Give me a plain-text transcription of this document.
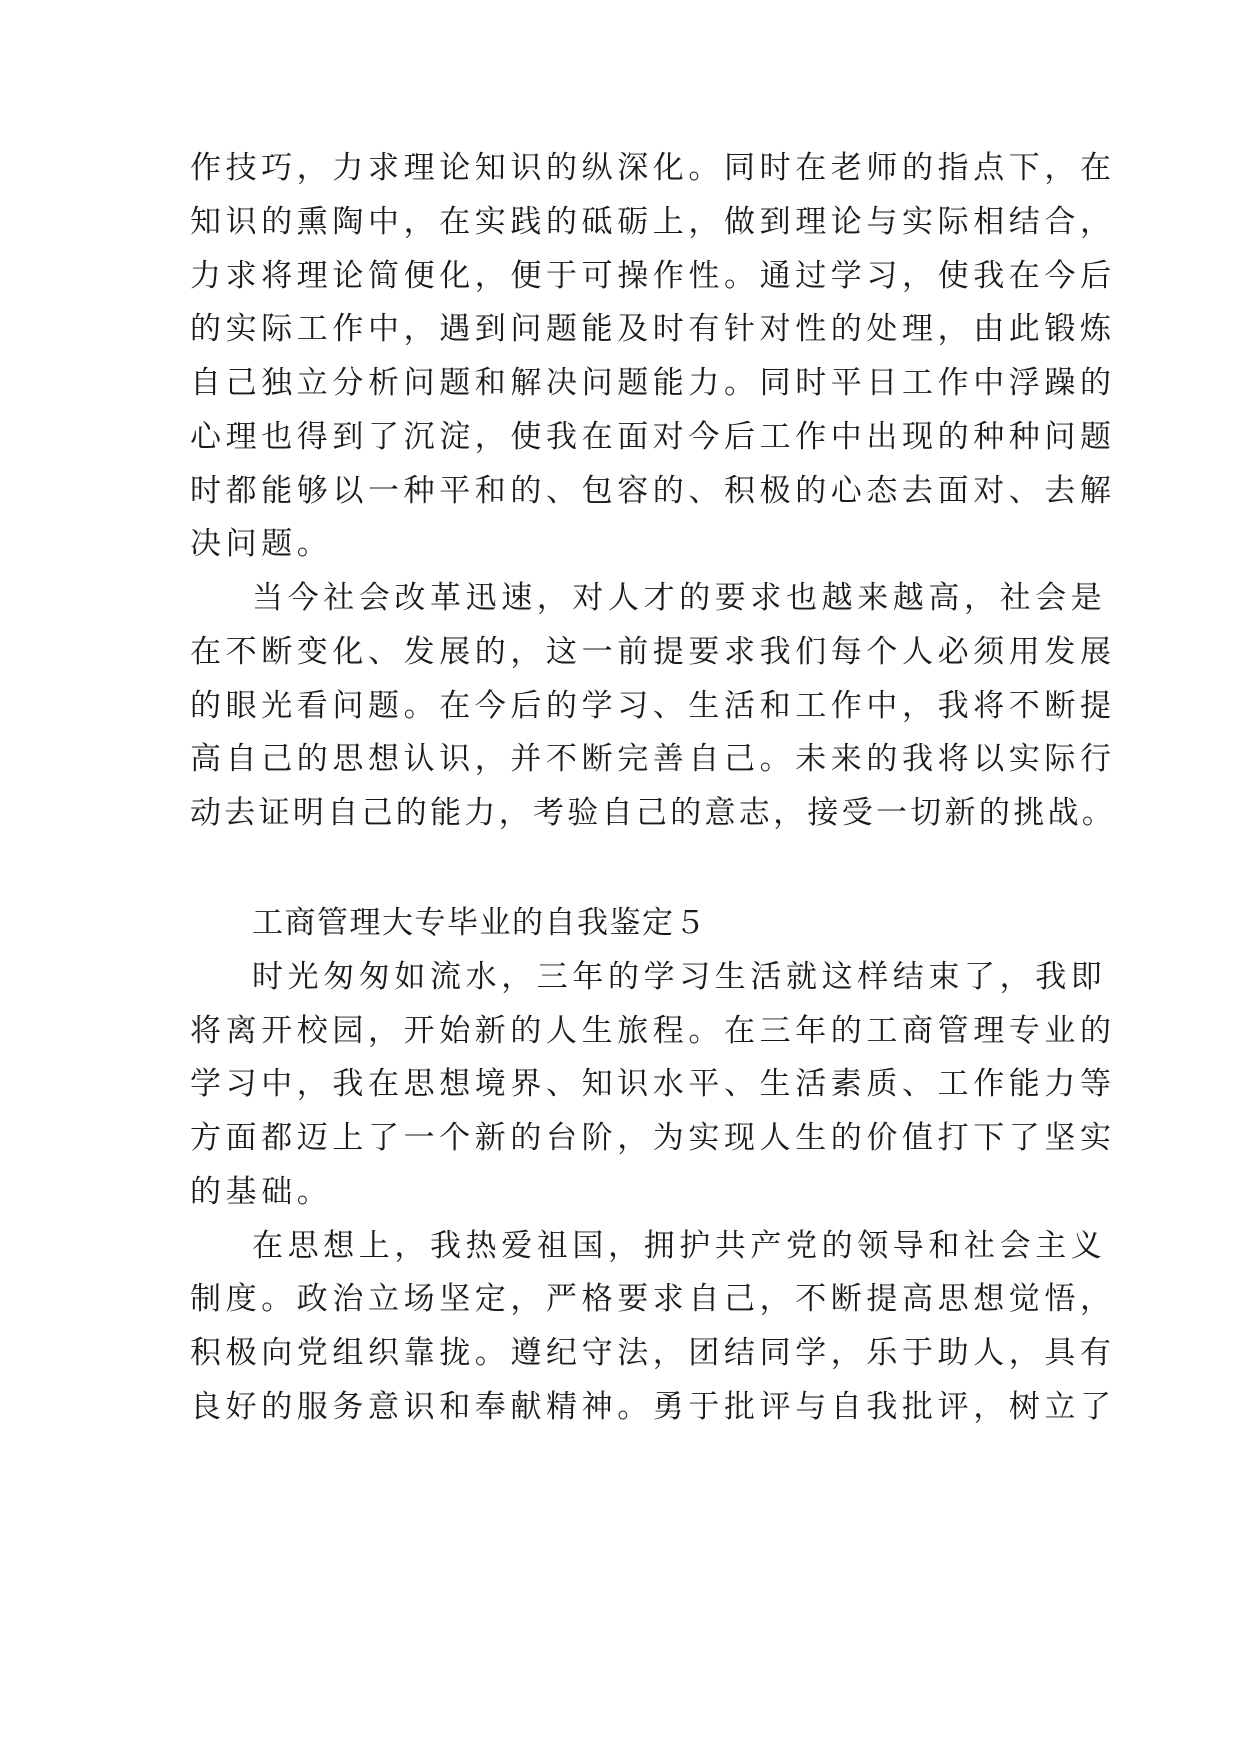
作技巧，力求理论知识的纵深化。同时在老师的指点下，在

知识的熏陶中，在实践的砥砺上，做到理论与实际相结合，

力求将理论简便化，便于可操作性。通过学习，使我在今后

的实际工作中，遇到问题能及时有针对性的处理，由此锻炼

自己独立分析问题和解决问题能力。同时平日工作中浮躁的

心理也得到了沉淀，使我在面对今后工作中出现的种种问题

时都能够以一种平和的、包容的、积极的心态去面对、去解

决问题。

当今社会改革迅速，对人才的要求也越来越高，社会是

在不断变化、发展的，这一前提要求我们每个人必须用发展

的眼光看问题。在今后的学习、生活和工作中，我将不断提

高自己的思想认识，并不断完善自己。未来的我将以实际行

动去证明自己的能力，考验自己的意志，接受一切新的挑战。

工商管理大专毕业的自我鉴定５

时光匆匆如流水，三年的学习生活就这样结束了，我即

将离开校园，开始新的人生旅程。在三年的工商管理专业的

学习中，我在思想境界、知识水平、生活素质、工作能力等

方面都迈上了一个新的台阶，为实现人生的价值打下了坚实

的基础。

在思想上，我热爱祖国，拥护共产党的领导和社会主义

制度。政治立场坚定，严格要求自己，不断提高思想觉悟，

积极向党组织靠拢。遵纪守法，团结同学，乐于助人，具有

良好的服务意识和奉献精神。勇于批评与自我批评，树立了
